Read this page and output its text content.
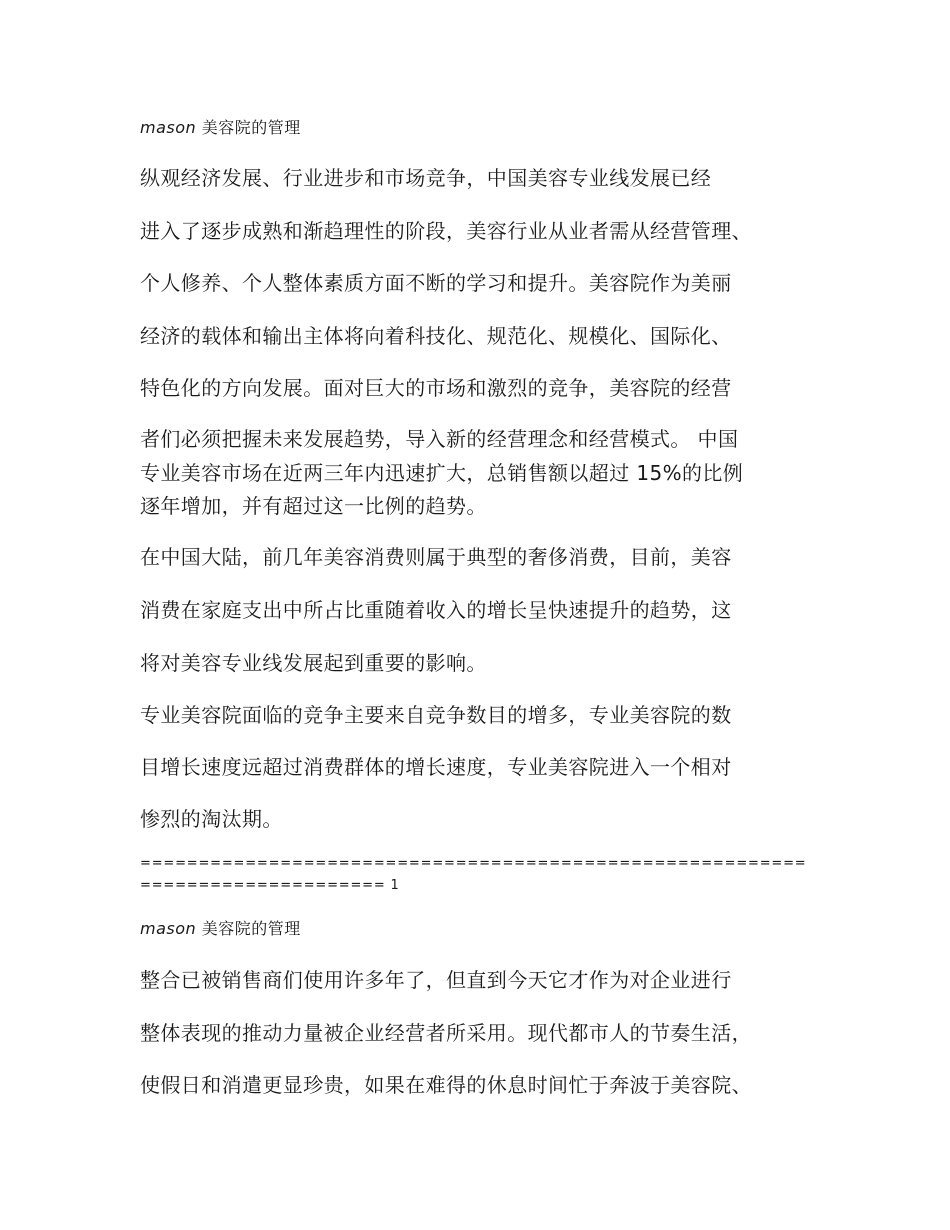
mason 美容院的管理
纵观经济发展、行业进步和市场竞争，中国美容专业线发展已经
进入了逐步成熟和渐趋理性的阶段，美容行业从业者需从经营管理、
个人修养、个人整体素质方面不断的学习和提升。美容院作为美丽
经济的载体和输出主体将向着科技化、规范化、规模化、国际化、
特色化的方向发展。面对巨大的市场和激烈的竞争，美容院的经营
者们必须把握未来发展趋势，导入新的经营理念和经营模式。 中国
专业美容市场在近两三年内迅速扩大，总销售额以超过 15%的比例
逐年增加，并有超过这一比例的趋势。
在中国大陆，前几年美容消费则属于典型的奢侈消费，目前，美容
消费在家庭支出中所占比重随着收入的增长呈快速提升的趋势，这
将对美容专业线发展起到重要的影响。
专业美容院面临的竞争主要来自竞争数目的增多，专业美容院的数
目增长速度远超过消费群体的增长速度，专业美容院进入一个相对
惨烈的淘汰期。
=========================================================
===================== 1
mason 美容院的管理
整合已被销售商们使用许多年了，但直到今天它才作为对企业进行
整体表现的推动力量被企业经营者所采用。现代都市人的节奏生活，
使假日和消遣更显珍贵，如果在难得的休息时间忙于奔波于美容院、
